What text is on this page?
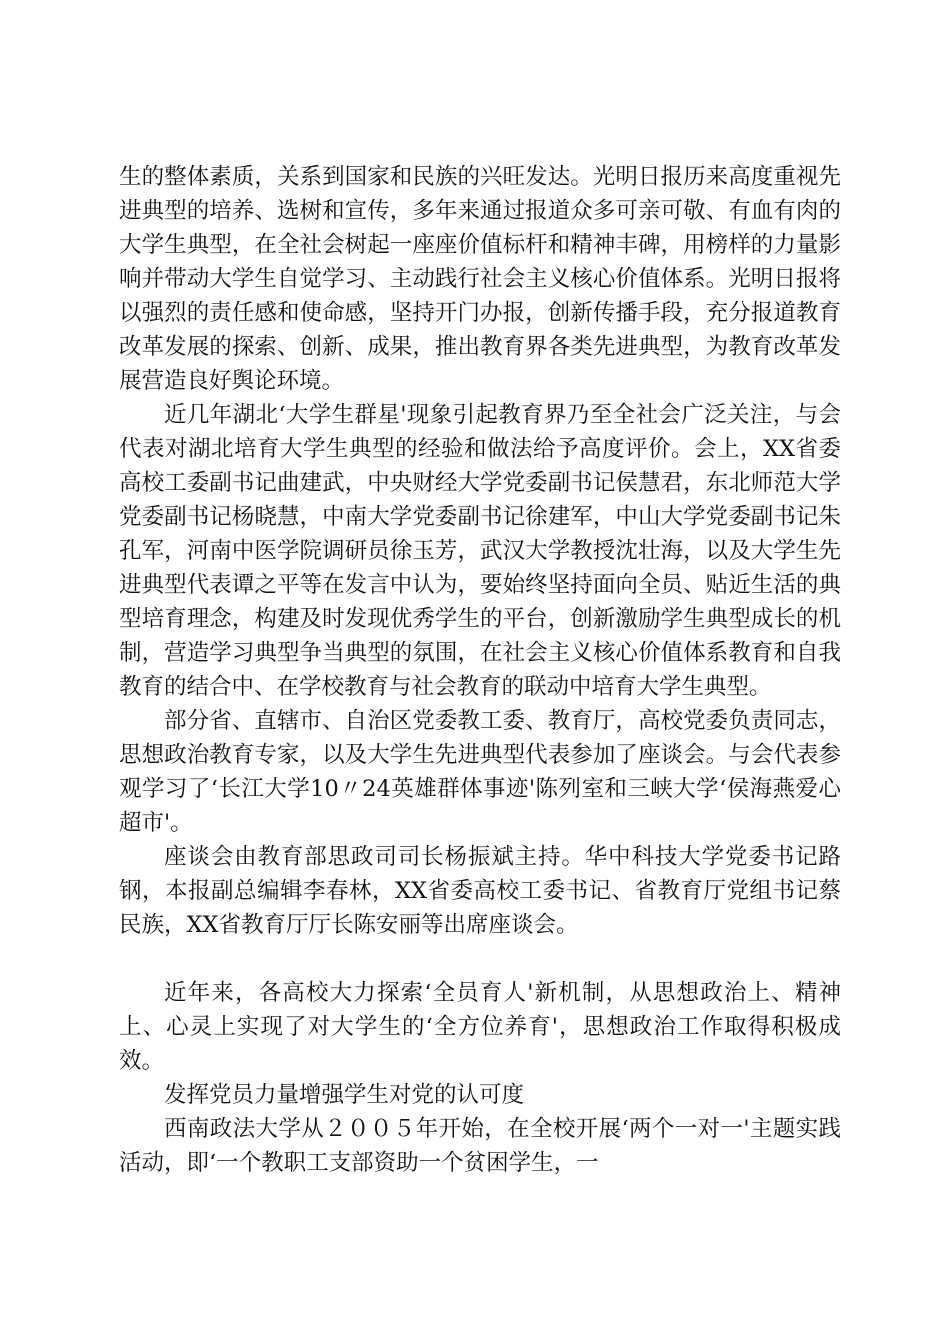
生的整体素质，关系到国家和民族的兴旺发达。光明日报历来高度重视先进典型的培养、选树和宣传，多年来通过报道众多可亲可敬、有血有肉的大学生典型，在全社会树起一座座价值标杆和精神丰碑，用榜样的力量影响并带动大学生自觉学习、主动践行社会主义核心价值体系。光明日报将以强烈的责任感和使命感，坚持开门办报，创新传播手段，充分报道教育改革发展的探索、创新、成果，推出教育界各类先进典型，为教育改革发展营造良好舆论环境。

近几年湖北‘大学生群星'现象引起教育界乃至全社会广泛关注，与会代表对湖北培育大学生典型的经验和做法给予高度评价。会上，XX省委高校工委副书记曲建武，中央财经大学党委副书记侯慧君，东北师范大学党委副书记杨晓慧，中南大学党委副书记徐建军，中山大学党委副书记朱孔军，河南中医学院调研员徐玉芳，武汉大学教授沈壮海，以及大学生先进典型代表谭之平等在发言中认为，要始终坚持面向全员、贴近生活的典型培育理念，构建及时发现优秀学生的平台，创新激励学生典型成长的机制，营造学习典型争当典型的氛围，在社会主义核心价值体系教育和自我教育的结合中、在学校教育与社会教育的联动中培育大学生典型。

部分省、直辖市、自治区党委教工委、教育厅，高校党委负责同志，思想政治教育专家，以及大学生先进典型代表参加了座谈会。与会代表参观学习了‘长江大学10〃24英雄群体事迹'陈列室和三峡大学‘侯海燕爱心超市'。

座谈会由教育部思政司司长杨振斌主持。华中科技大学党委书记路钢，本报副总编辑李春林，XX省委高校工委书记、省教育厅党组书记蔡民族，XX省教育厅厅长陈安丽等出席座谈会。

近年来，各高校大力探索‘全员育人'新机制，从思想政治上、精神上、心灵上实现了对大学生的‘全方位养育'，思想政治工作取得积极成效。

发挥党员力量增强学生对党的认可度

西南政法大学从２００５年开始，在全校开展‘两个一对一'主题实践活动，即‘一个教职工支部资助一个贫困学生，一
